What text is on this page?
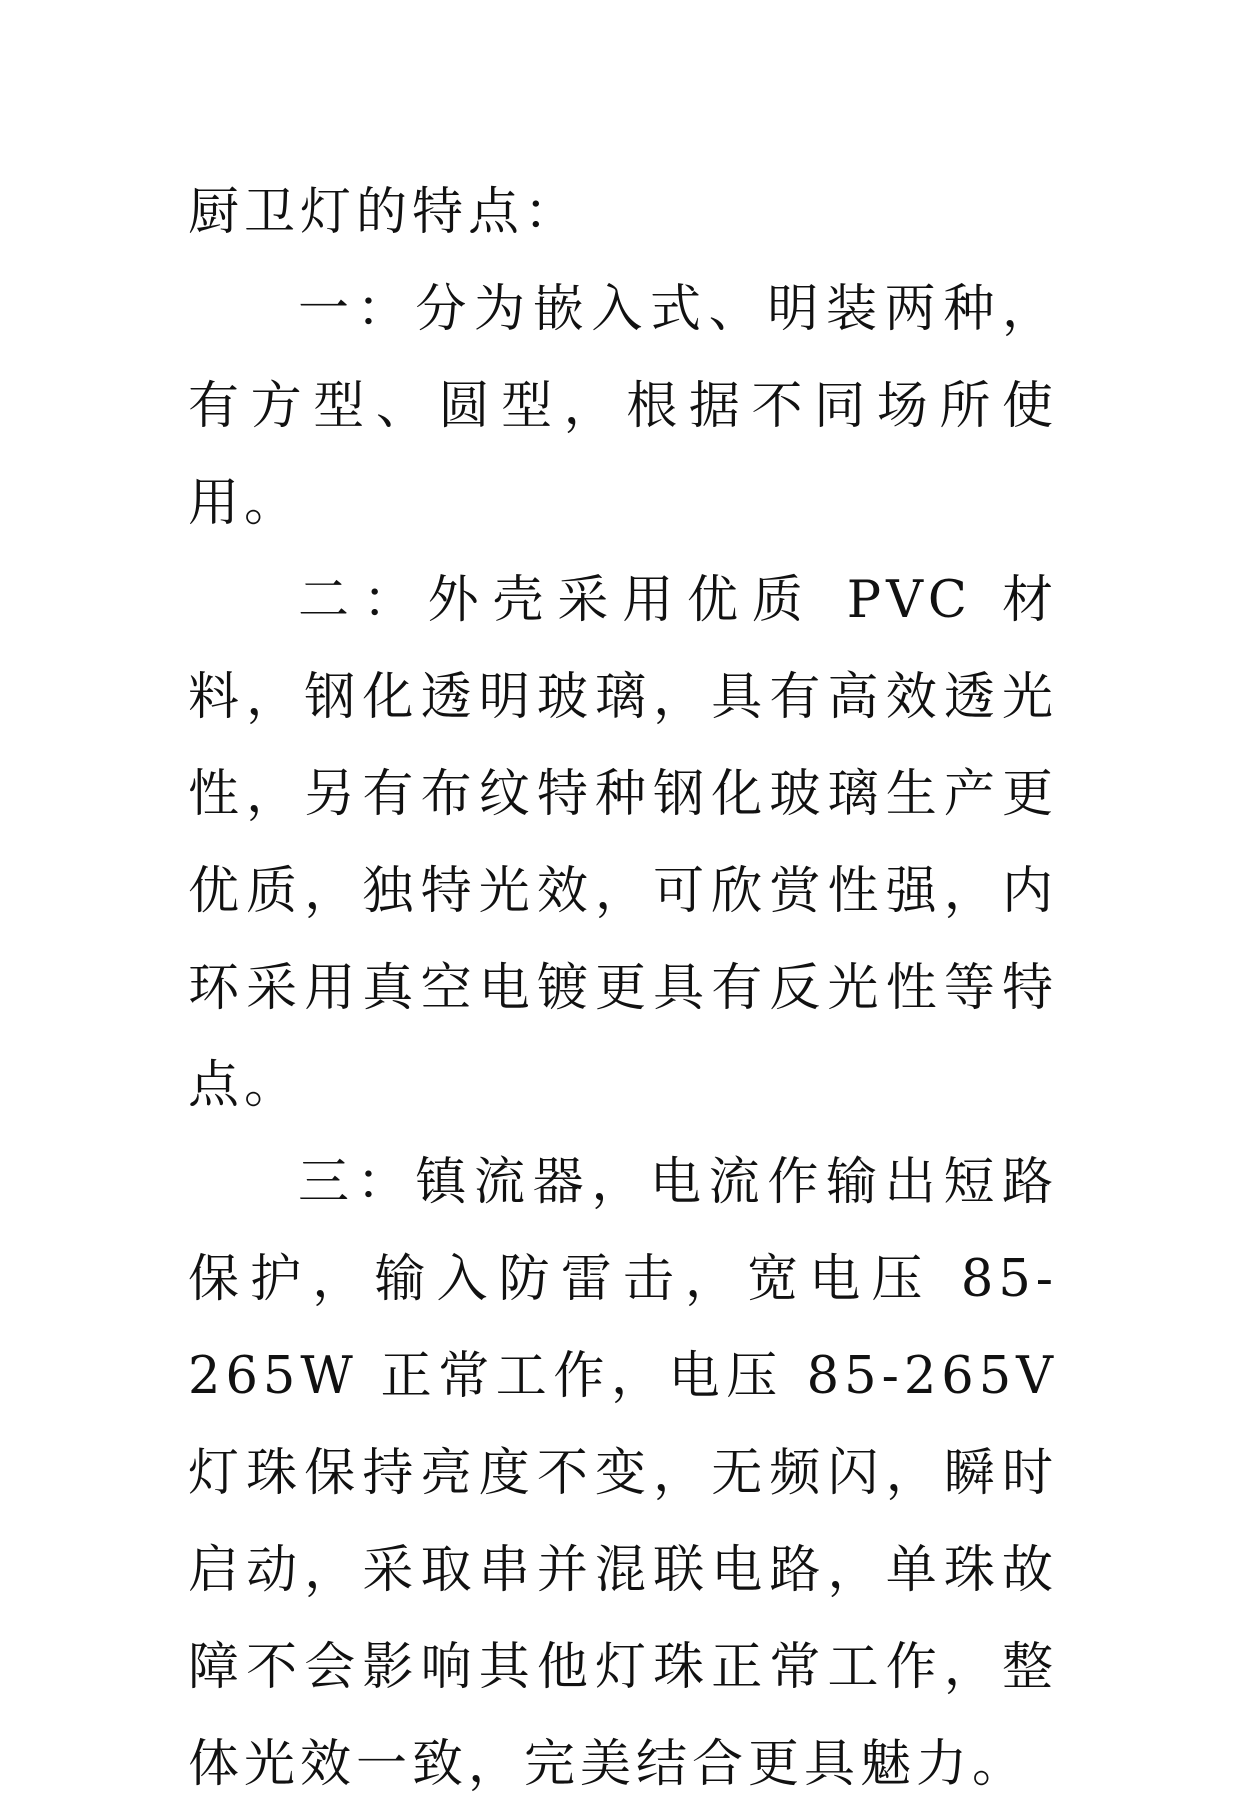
厨卫灯的特点：

一：分为嵌入式、明装两种，有方型、圆型，根据不同场所使用。

二：外壳采用优质 PVC 材料，钢化透明玻璃，具有高效透光性，另有布纹特种钢化玻璃生产更优质，独特光效，可欣赏性强，内环采用真空电镀更具有反光性等特点。

三：镇流器，电流作输出短路保护，输入防雷击，宽电压 85-265W 正常工作，电压 85-265V 灯珠保持亮度不变，无频闪，瞬时启动，采取串并混联电路，单珠故障不会影响其他灯珠正常工作，整体光效一致，完美结合更具魅力。
